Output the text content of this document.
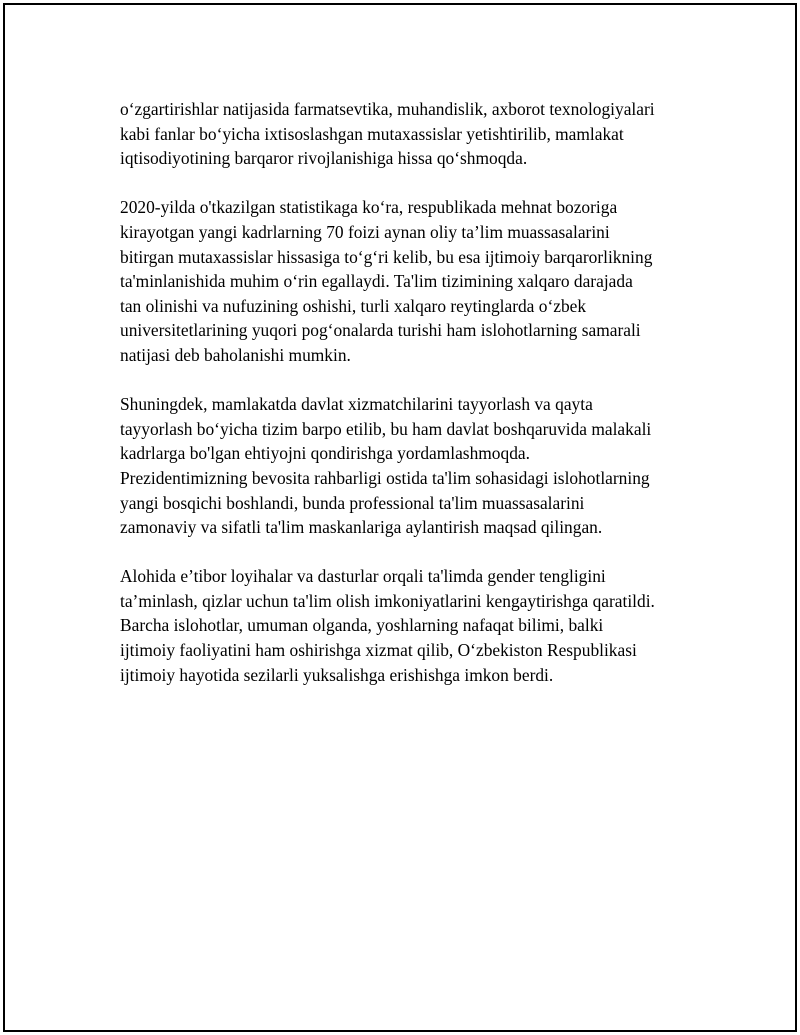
o‘zgartirishlar natijasida farmatsevtika, muhandislik, axborot texnologiyalari
kabi fanlar bo‘yicha ixtisoslashgan mutaxassislar yetishtirilib, mamlakat
iqtisodiyotining barqaror rivojlanishiga hissa qo‘shmoqda.

2020-yilda o'tkazilgan statistikaga ko‘ra, respublikada mehnat bozoriga
kirayotgan yangi kadrlarning 70 foizi aynan oliy ta’lim muassasalarini
bitirgan mutaxassislar hissasiga to‘g‘ri kelib, bu esa ijtimoiy barqarorlikning
ta'minlanishida muhim o‘rin egallaydi. Ta'lim tizimining xalqaro darajada
tan olinishi va nufuzining oshishi, turli xalqaro reytinglarda o‘zbek
universitetlarining yuqori pog‘onalarda turishi ham islohotlarning samarali
natijasi deb baholanishi mumkin.

Shuningdek, mamlakatda davlat xizmatchilarini tayyorlash va qayta
tayyorlash bo‘yicha tizim barpo etilib, bu ham davlat boshqaruvida malakali
kadrlarga bo'lgan ehtiyojni qondirishga yordamlashmoqda.
Prezidentimizning bevosita rahbarligi ostida ta'lim sohasidagi islohotlarning
yangi bosqichi boshlandi, bunda professional ta'lim muassasalarini
zamonaviy va sifatli ta'lim maskanlariga aylantirish maqsad qilingan.

Alohida e’tibor loyihalar va dasturlar orqali ta'limda gender tengligini
ta’minlash, qizlar uchun ta'lim olish imkoniyatlarini kengaytirishga qaratildi.
Barcha islohotlar, umuman olganda, yoshlarning nafaqat bilimi, balki
ijtimoiy faoliyatini ham oshirishga xizmat qilib, O‘zbekiston Respublikasi
ijtimoiy hayotida sezilarli yuksalishga erishishga imkon berdi.
